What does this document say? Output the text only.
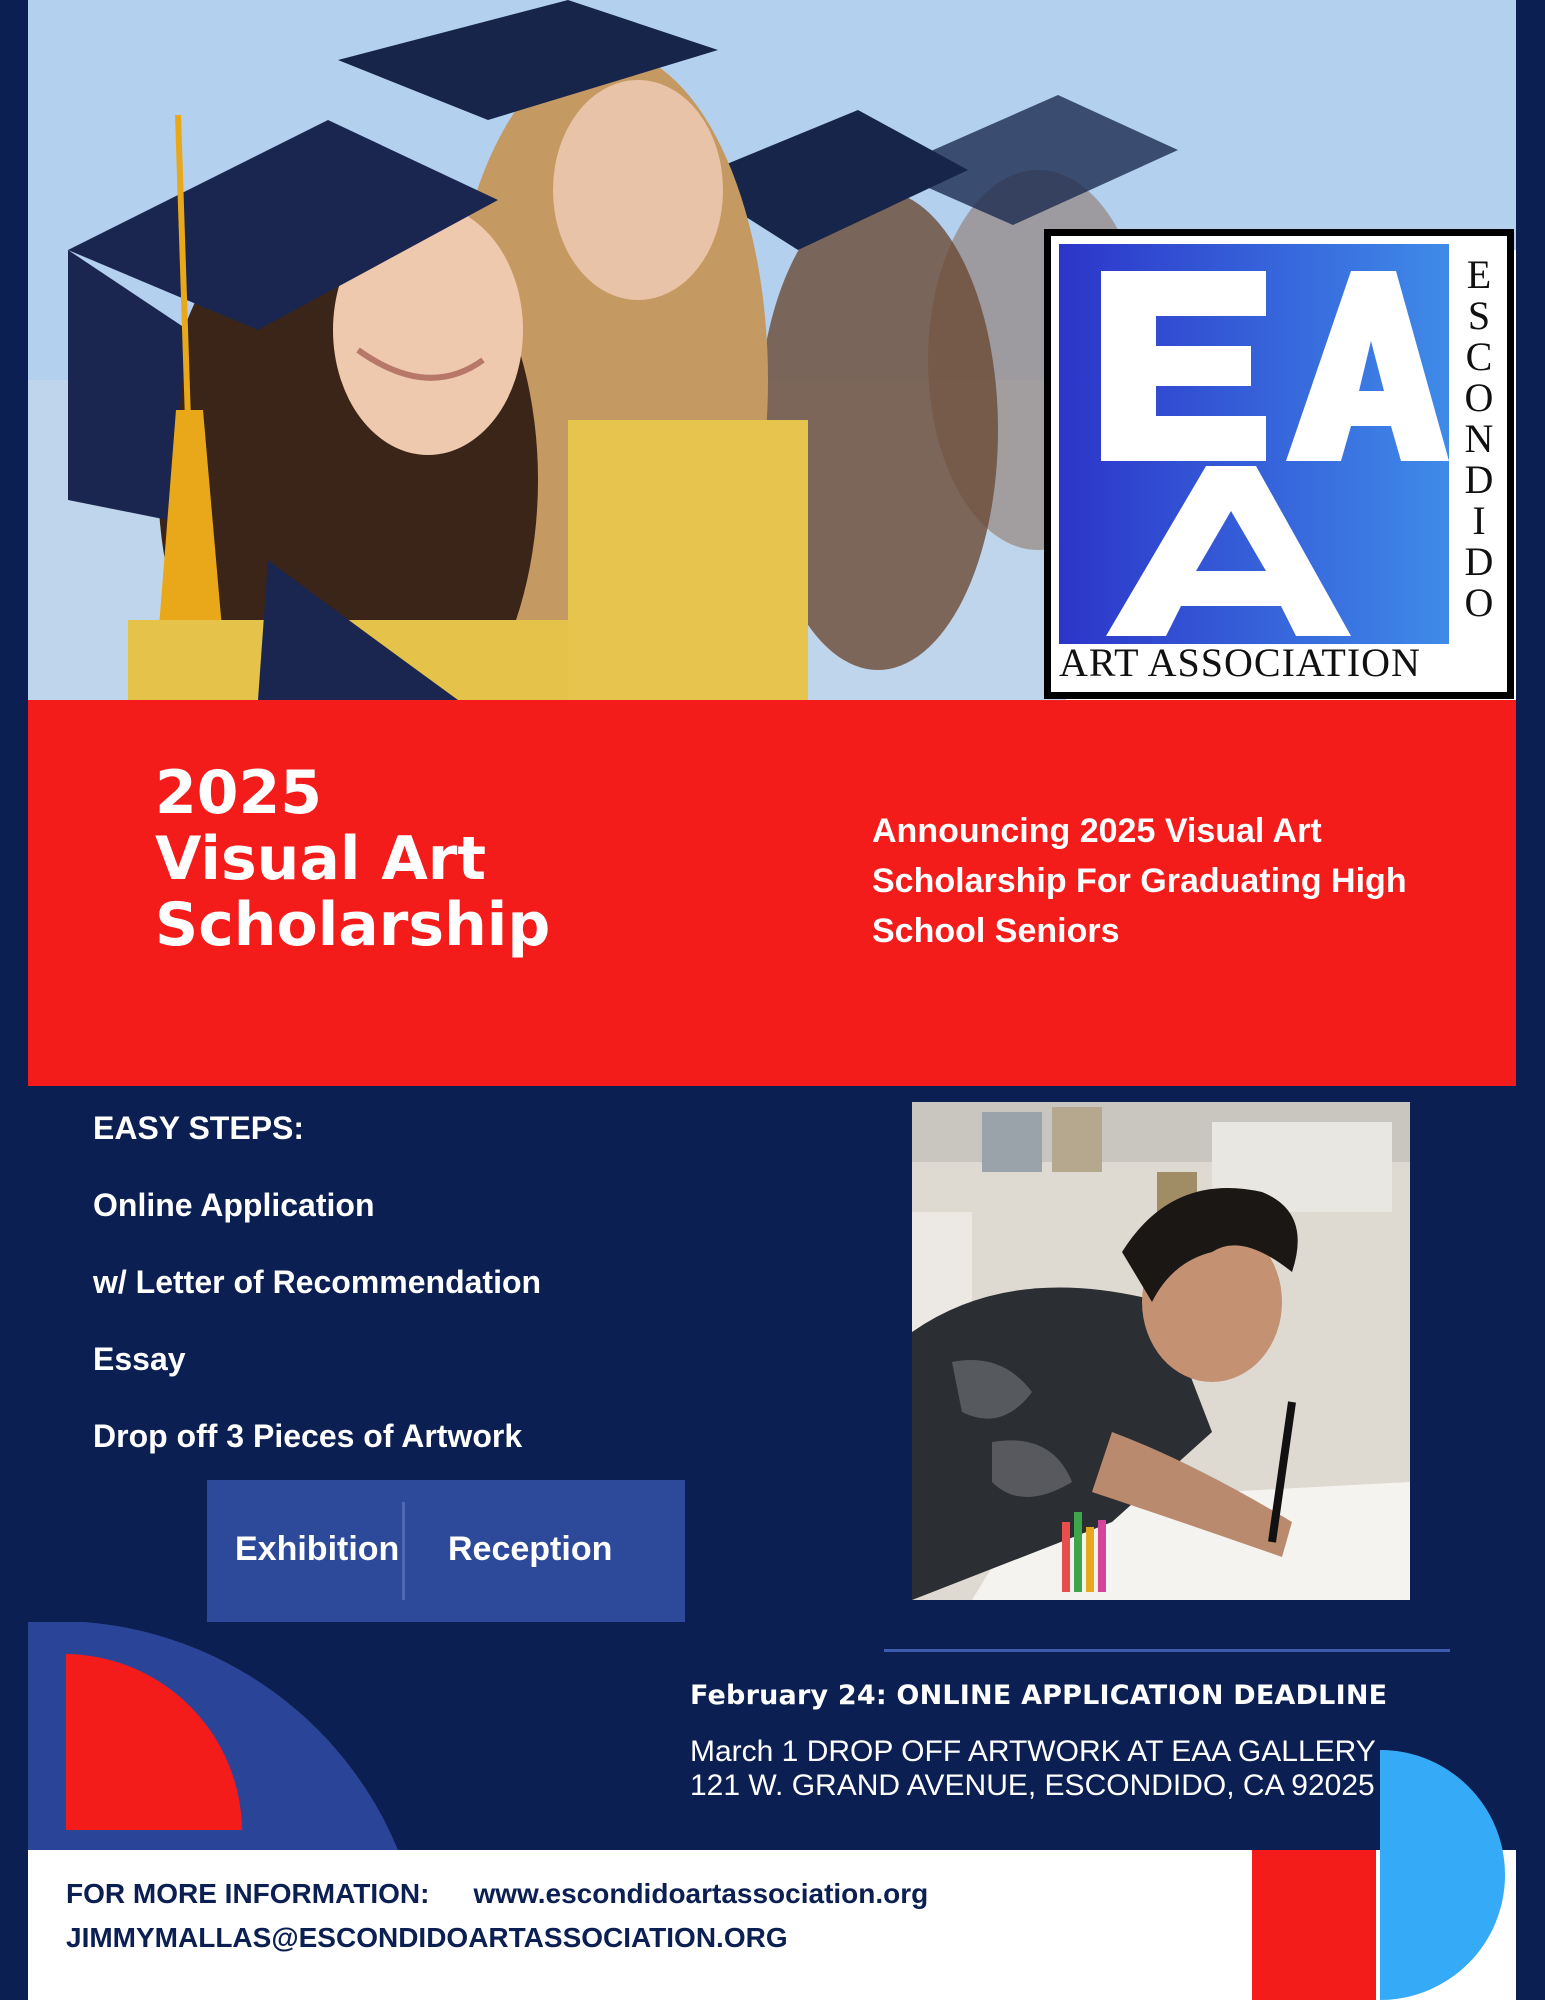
ESCONDIDO
ART ASSOCIATION
2025
Visual Art
Scholarship
Announcing 2025 Visual Art Scholarship For Graduating High School Seniors
EASY STEPS:
Online Application
w/ Letter of Recommendation
Essay
Drop off 3 Pieces of Artwork
Exhibition Reception
February 24: ONLINE APPLICATION DEADLINE
March 1 DROP OFF ARTWORK AT EAA GALLERY
121 W. GRAND AVENUE, ESCONDIDO, CA 92025
FOR MORE INFORMATION: www.escondidoartassociation.org
JIMMYMALLAS@ESCONDIDOARTASSOCIATION.ORG
